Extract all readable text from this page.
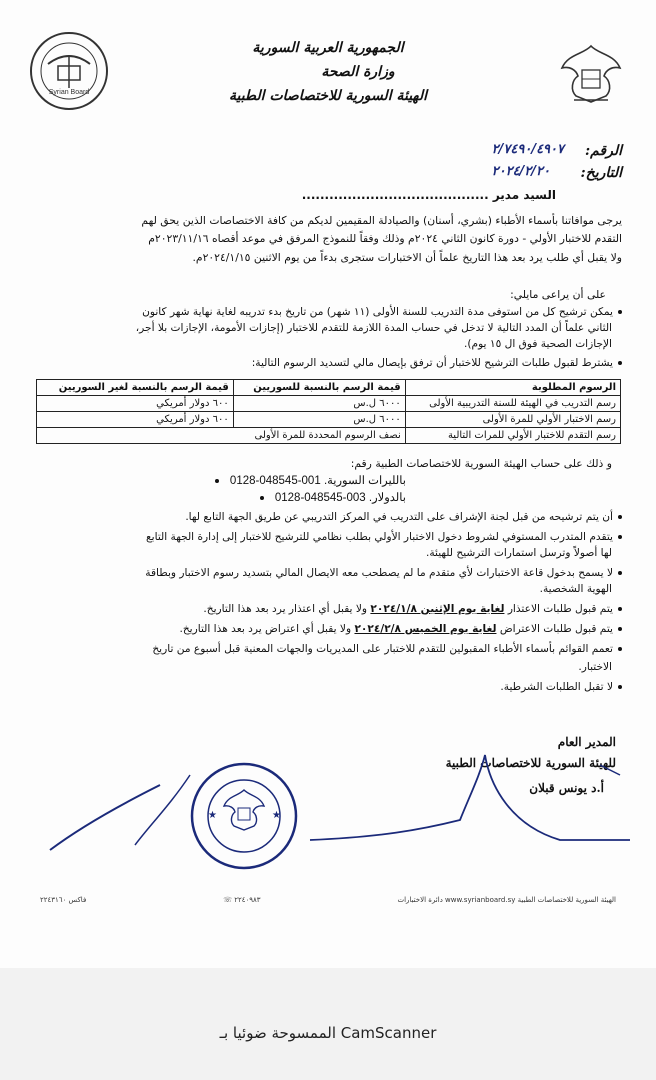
Syrian Board
الجمهورية العربية السورية
وزارة الصحة
الهيئة السورية للاختصاصات الطبية
الرقم:
٢/٧٤٩٠/٤٩٠٧
التاريخ:
٢٠٢٤/٢/٢٠
السيد مدير .........................................
يرجى موافاتنا بأسماء الأطباء (بشري، أسنان) والصيادلة المقيمين لديكم من كافة الاختصاصات الذين يحق لهم
التقدم للاختبار الأولي - دورة كانون الثاني ٢٠٢٤م وذلك وفقاً للنموذج المرفق في موعد أقصاه ٢٠٢٣/١١/١٦م
ولا يقبل أي طلب يرد بعد هذا التاريخ علماً أن الاختبارات ستجرى بدءاً من يوم الاثنين ٢٠٢٤/١/١٥م.
على أن يراعى مايلي:
يمكن ترشيح كل من استوفى مدة التدريب للسنة الأولى (١١ شهر) من تاريخ بدء تدريبه لغاية نهاية شهر كانون
الثاني علماً أن المدد التالية لا تدخل في حساب المدة اللازمة للتقدم للاختبار (إجازات الأمومة، الإجازات بلا أجر،
الإجازات الصحية فوق ال ١٥ يوم).
يشترط لقبول طلبات الترشيح للاختبار أن ترفق بإيصال مالي لتسديد الرسوم التالية:
الرسوم المطلوبة	قيمة الرسم بالنسبة للسوريين	قيمة الرسم بالنسبة لغير السوريين
رسم التدريب في الهيئة للسنة التدريبية الأولى	٦٠٠٠ ل.س	٦٠٠ دولار أمريكي
رسم الاختبار الأولي للمرة الأولى	٦٠٠٠ ل.س	٦٠٠ دولار أمريكي
رسم التقدم للاختبار الأولي للمرات التالية	نصف الرسوم المحددة للمرة الأولى	
و ذلك على حساب الهيئة السورية للاختصاصات الطبية رقم:
بالليرات السورية. 0128-048545-001
بالدولار. 0128-048545-003
أن يتم ترشيحه من قبل لجنة الإشراف على التدريب في المركز التدريبي عن طريق الجهة التابع لها.
يتقدم المتدرب المستوفي لشروط دخول الاختبار الأولي بطلب نظامي للترشيح للاختبار إلى إدارة الجهة التابع
لها أصولاً وترسل استمارات الترشيح للهيئة.
لا يسمح بدخول قاعة الاختبارات لأي متقدم ما لم يصطحب معه الايصال المالي بتسديد رسوم الاختبار وبطاقة
الهوية الشخصية.
يتم قبول طلبات الاعتذار لغاية يوم الإثنين ٢٠٢٤/١/٨ ولا يقبل أي اعتذار يرد بعد هذا التاريخ.
يتم قبول طلبات الاعتراض لغاية يوم الخميس ٢٠٢٤/٢/٨ ولا يقبل أي اعتراض يرد بعد هذا التاريخ.
تعمم القوائم بأسماء الأطباء المقبولين للتقدم للاختبار على المديريات والجهات المعنية قبل أسبوع من تاريخ
الاختبار.
لا تقبل الطلبات الشرطية.
المدير العام
للهيئة السورية للاختصاصات الطبية
أ.د يونس قبلان
★	★
الهيئة السورية للاختصاصات الطبية www.syrianboard.sy دائرة الاختبارات
٢٢٤٠٩٨٣ ☏
فاكس ٢٢٤٣١٦٠
الممسوحة ضوئيا بـ CamScanner
